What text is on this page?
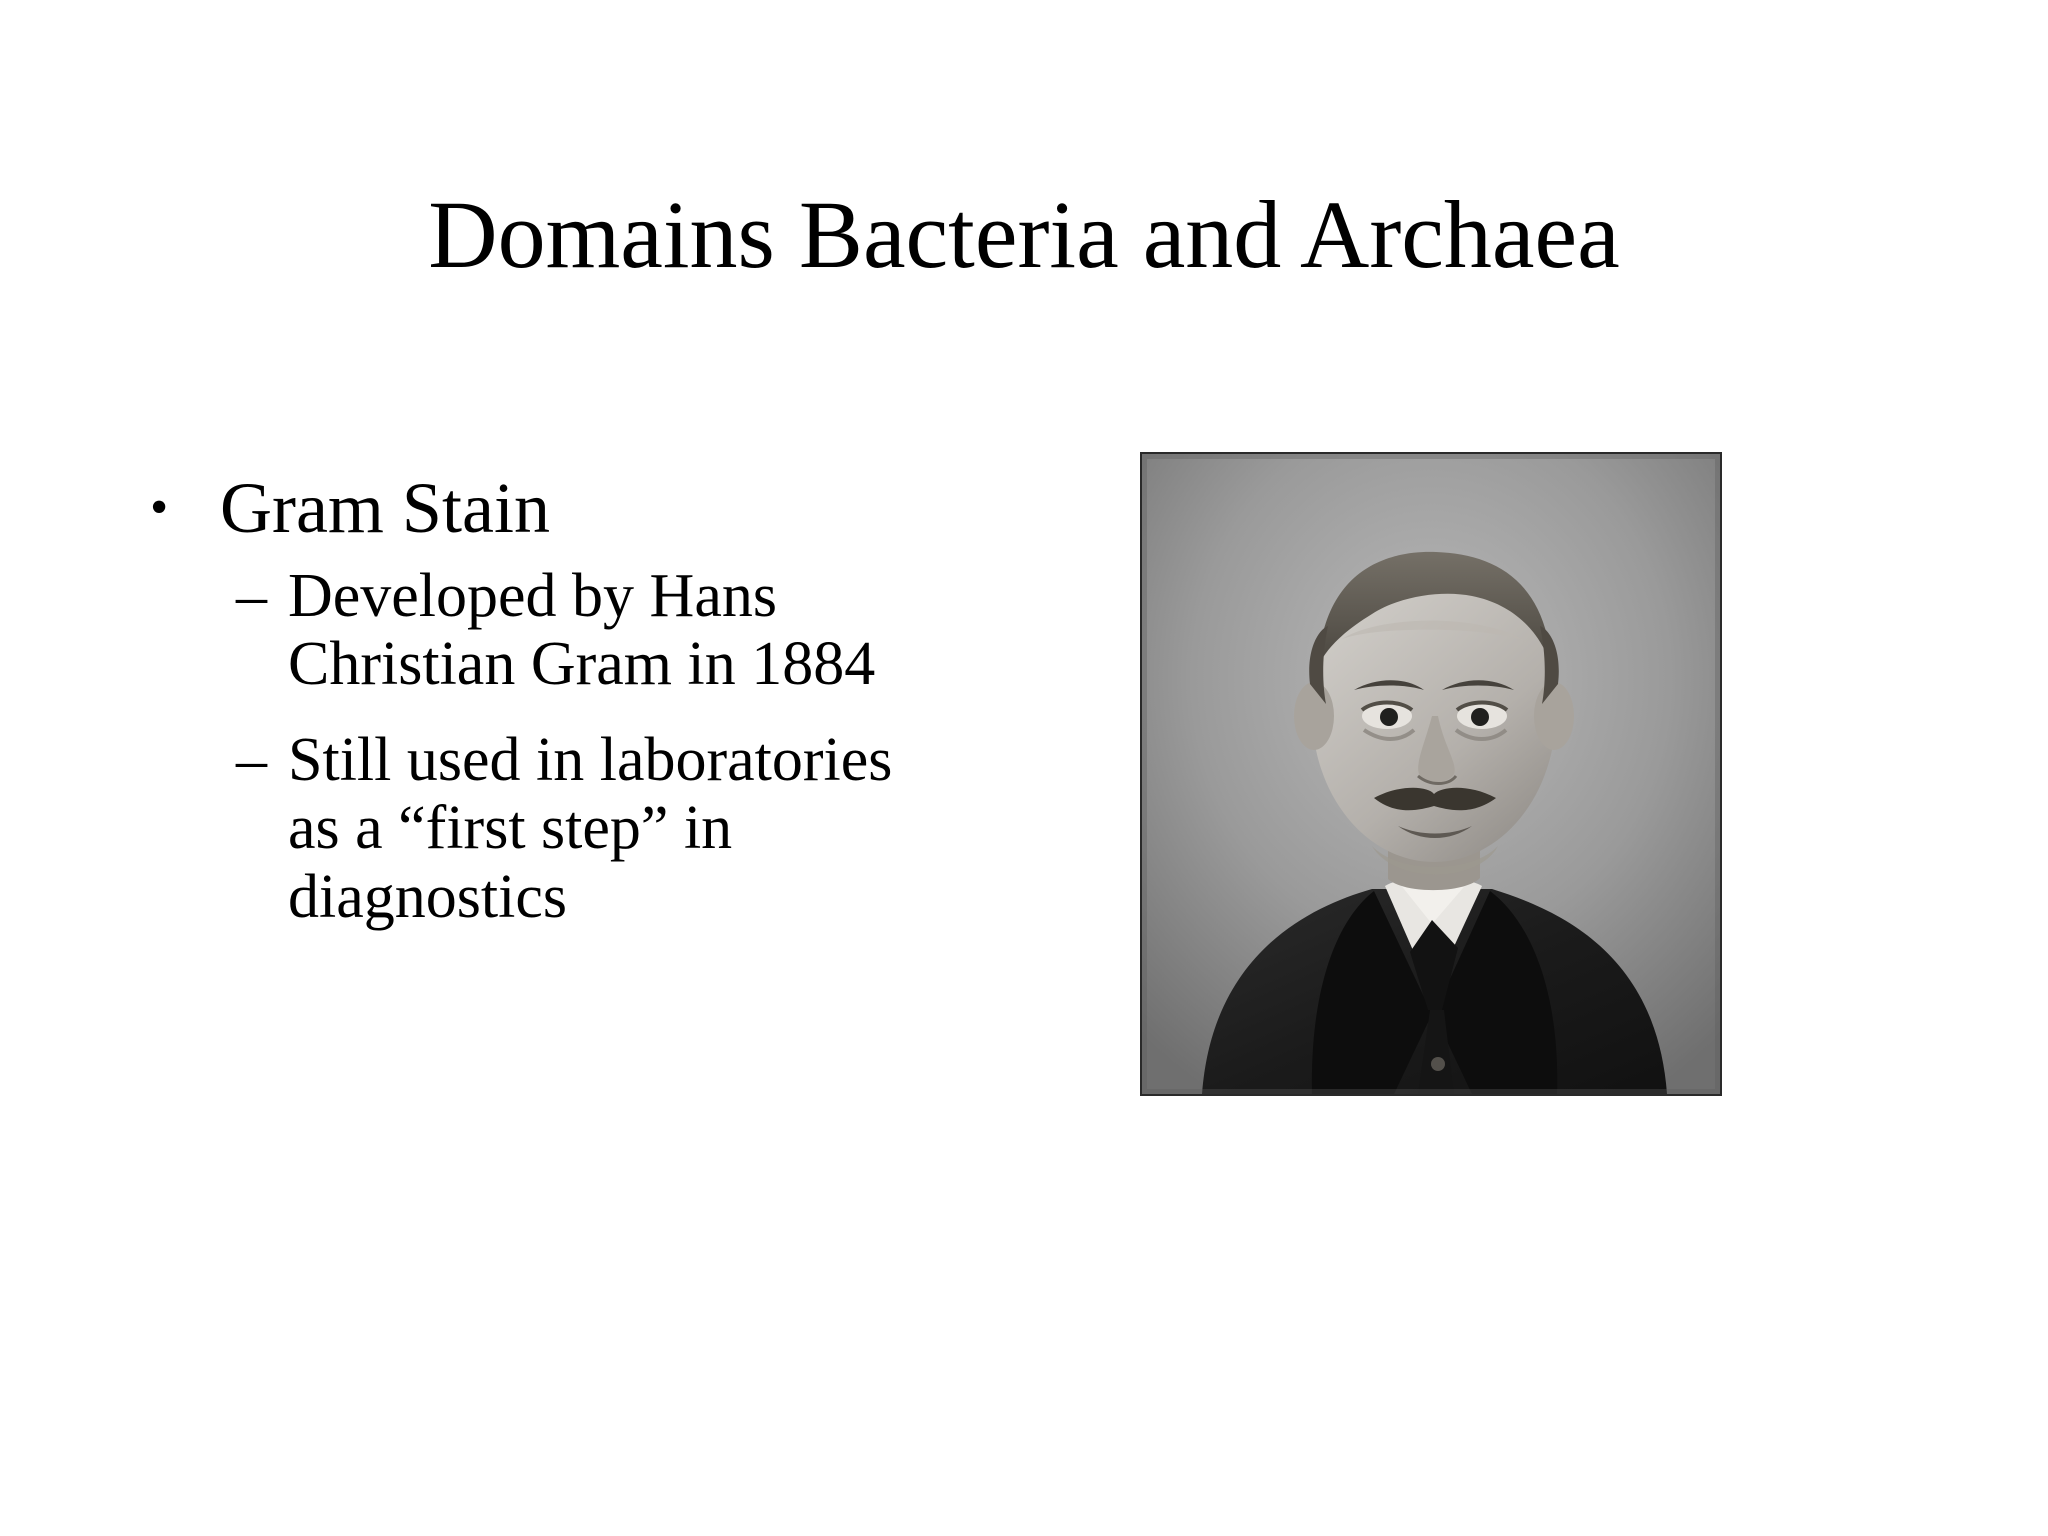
Domains Bacteria and Archaea
• Gram Stain
– Developed by Hans Christian Gram in 1884
– Still used in laboratories as a “first step” in diagnostics
